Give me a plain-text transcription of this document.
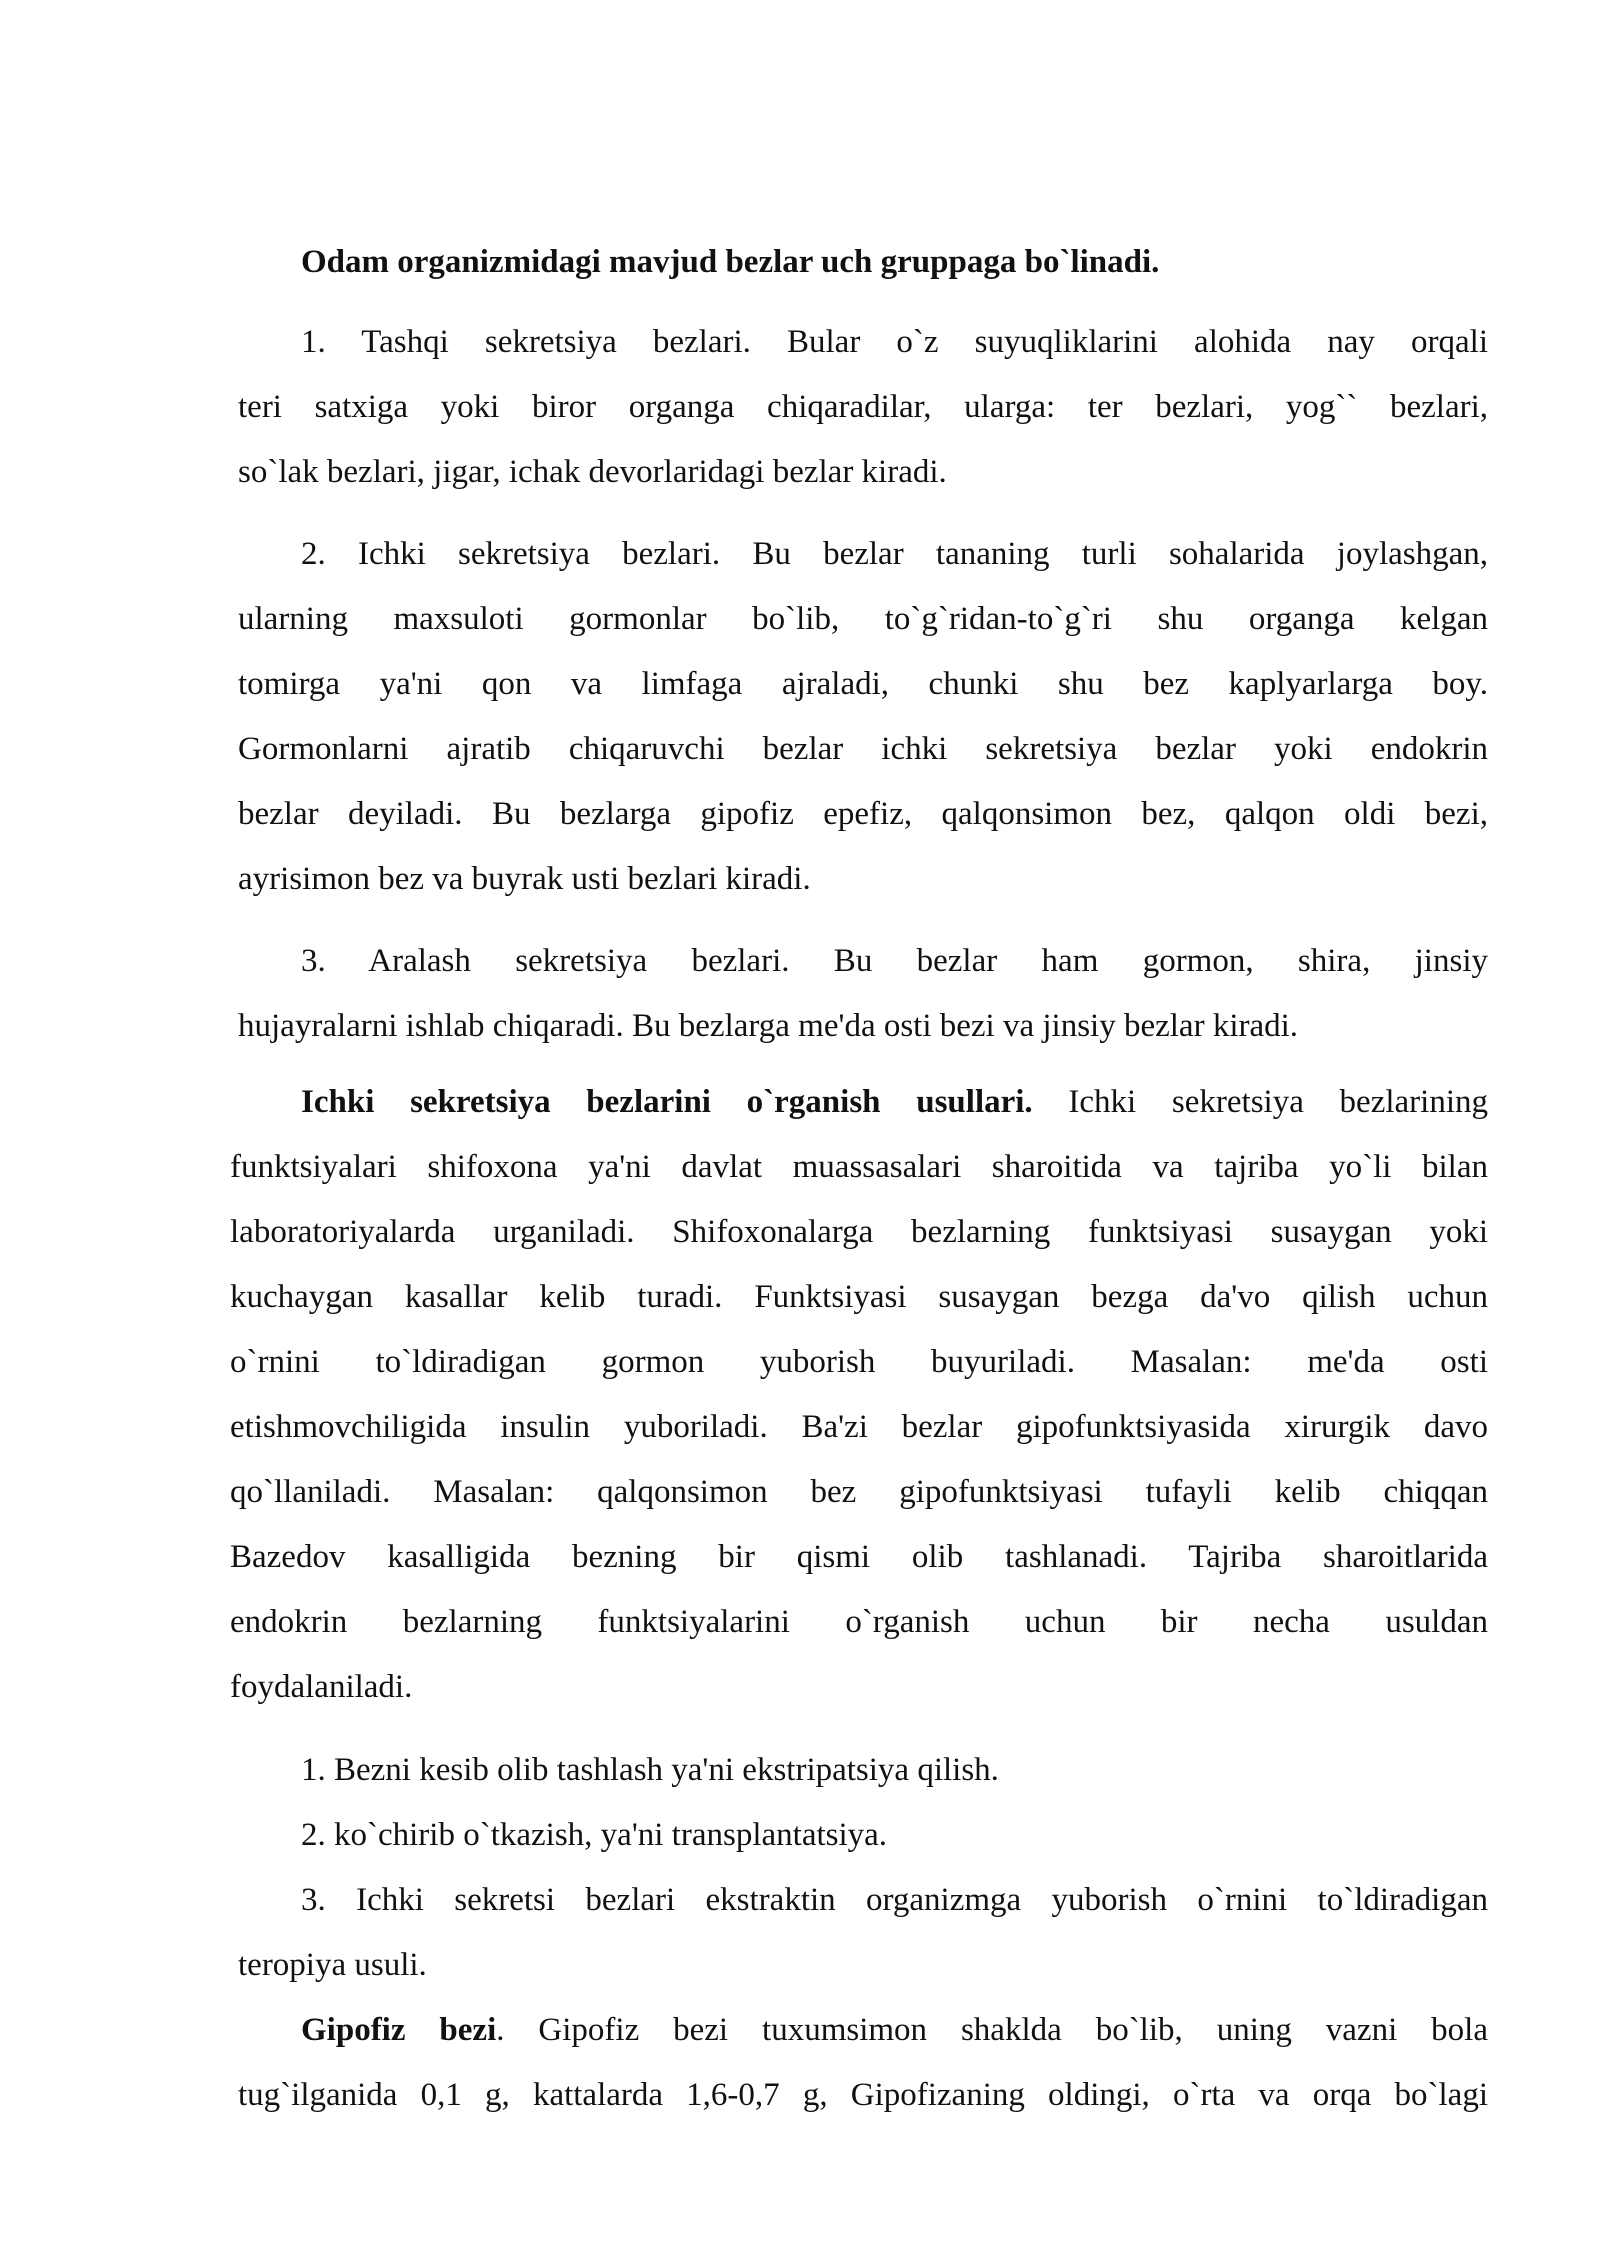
Odam organizmidagi mavjud bezlar uch gruppaga bo`linadi.
1. Tashqi sekretsiya bezlari. Bular o`z suyuqliklarini alohida nay orqali
teri satxiga yoki biror organga chiqaradilar, ularga: ter bezlari, yog`` bezlari,
so`lak bezlari, jigar, ichak devorlaridagi bezlar kiradi.
2. Ichki sekretsiya bezlari. Bu bezlar tananing turli sohalarida joylashgan,
ularning maxsuloti gormonlar bo`lib, to`g`ridan-to`g`ri shu organga kelgan
tomirga ya'ni qon va limfaga ajraladi, chunki shu bez kaplyarlarga boy.
Gormonlarni ajratib chiqaruvchi bezlar ichki sekretsiya bezlar yoki endokrin
bezlar deyiladi. Bu bezlarga gipofiz epefiz, qalqonsimon bez, qalqon oldi bezi,
ayrisimon bez va buyrak usti bezlari kiradi.
3. Aralash sekretsiya bezlari. Bu bezlar ham gormon, shira, jinsiy
hujayralarni ishlab chiqaradi. Bu bezlarga me'da osti bezi va jinsiy bezlar kiradi.
Ichki sekretsiya bezlarini o`rganish usullari. Ichki sekretsiya bezlarining
funktsiyalari shifoxona ya'ni davlat muassasalari sharoitida va tajriba yo`li bilan
laboratoriyalarda urganiladi. Shifoxonalarga bezlarning funktsiyasi susaygan yoki
kuchaygan kasallar kelib turadi. Funktsiyasi susaygan bezga da'vo qilish uchun
o`rnini to`ldiradigan gormon yuborish buyuriladi. Masalan: me'da osti
etishmovchiligida insulin yuboriladi. Ba'zi bezlar gipofunktsiyasida xirurgik davo
qo`llaniladi. Masalan: qalqonsimon bez gipofunktsiyasi tufayli kelib chiqqan
Bazedov kasalligida bezning bir qismi olib tashlanadi. Tajriba sharoitlarida
endokrin bezlarning funktsiyalarini o`rganish uchun bir necha usuldan
foydalaniladi.
1. Bezni kesib olib tashlash ya'ni ekstripatsiya qilish.
2. ko`chirib o`tkazish, ya'ni transplantatsiya.
3. Ichki sekretsi bezlari ekstraktin organizmga yuborish o`rnini to`ldiradigan
teropiya usuli.
Gipofiz bezi. Gipofiz bezi tuxumsimon shaklda bo`lib, uning vazni bola
tug`ilganida 0,1 g, kattalarda 1,6-0,7 g, Gipofizaning oldingi, o`rta va orqa bo`lagi
